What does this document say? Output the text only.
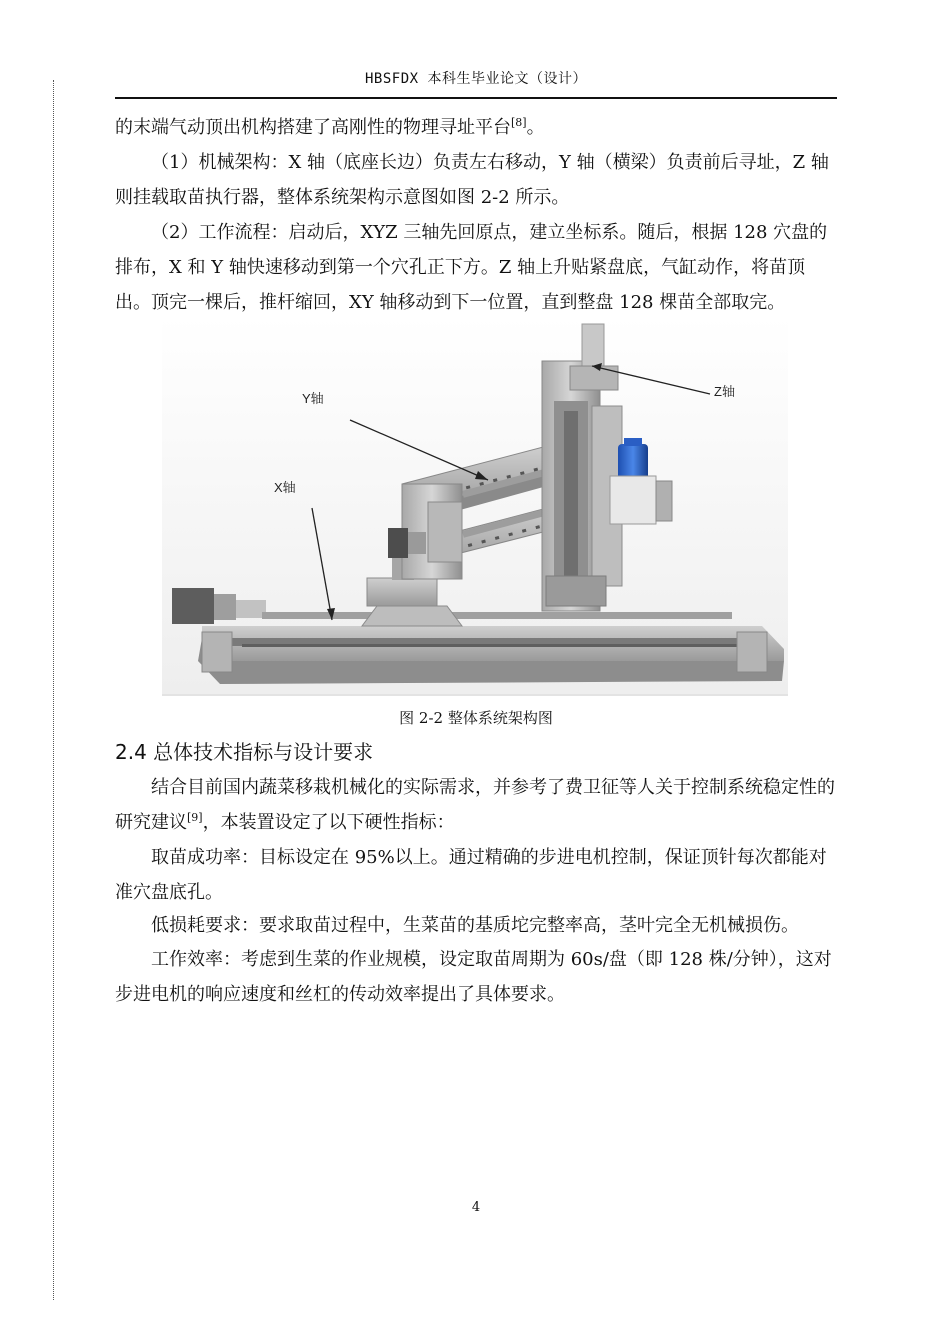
HBSFDX 本科生毕业论文（设计）

的末端气动顶出机构搭建了高刚性的物理寻址平台[8]。

（1）机械架构：X 轴（底座长边）负责左右移动，Y 轴（横梁）负责前后寻址，Z 轴则挂载取苗执行器，整体系统架构示意图如图 2-2 所示。

（2）工作流程：启动后，XYZ 三轴先回原点，建立坐标系。随后，根据 128 穴盘的排布，X 和 Y 轴快速移动到第一个穴孔正下方。Z 轴上升贴紧盘底，气缸动作，将苗顶出。顶完一棵后，推杆缩回，XY 轴移动到下一位置，直到整盘 128 棵苗全部取完。

Y轴
X轴
Z轴
图 2-2 整体系统架构图
2.4 总体技术指标与设计要求

结合目前国内蔬菜移栽机械化的实际需求，并参考了费卫征等人关于控制系统稳定性的研究建议[9]，本装置设定了以下硬性指标：

取苗成功率：目标设定在 95%以上。通过精确的步进电机控制，保证顶针每次都能对准穴盘底孔。

低损耗要求：要求取苗过程中，生菜苗的基质坨完整率高，茎叶完全无机械损伤。

工作效率：考虑到生菜的作业规模，设定取苗周期为 60s/盘（即 128 株/分钟），这对步进电机的响应速度和丝杠的传动效率提出了具体要求。

4
